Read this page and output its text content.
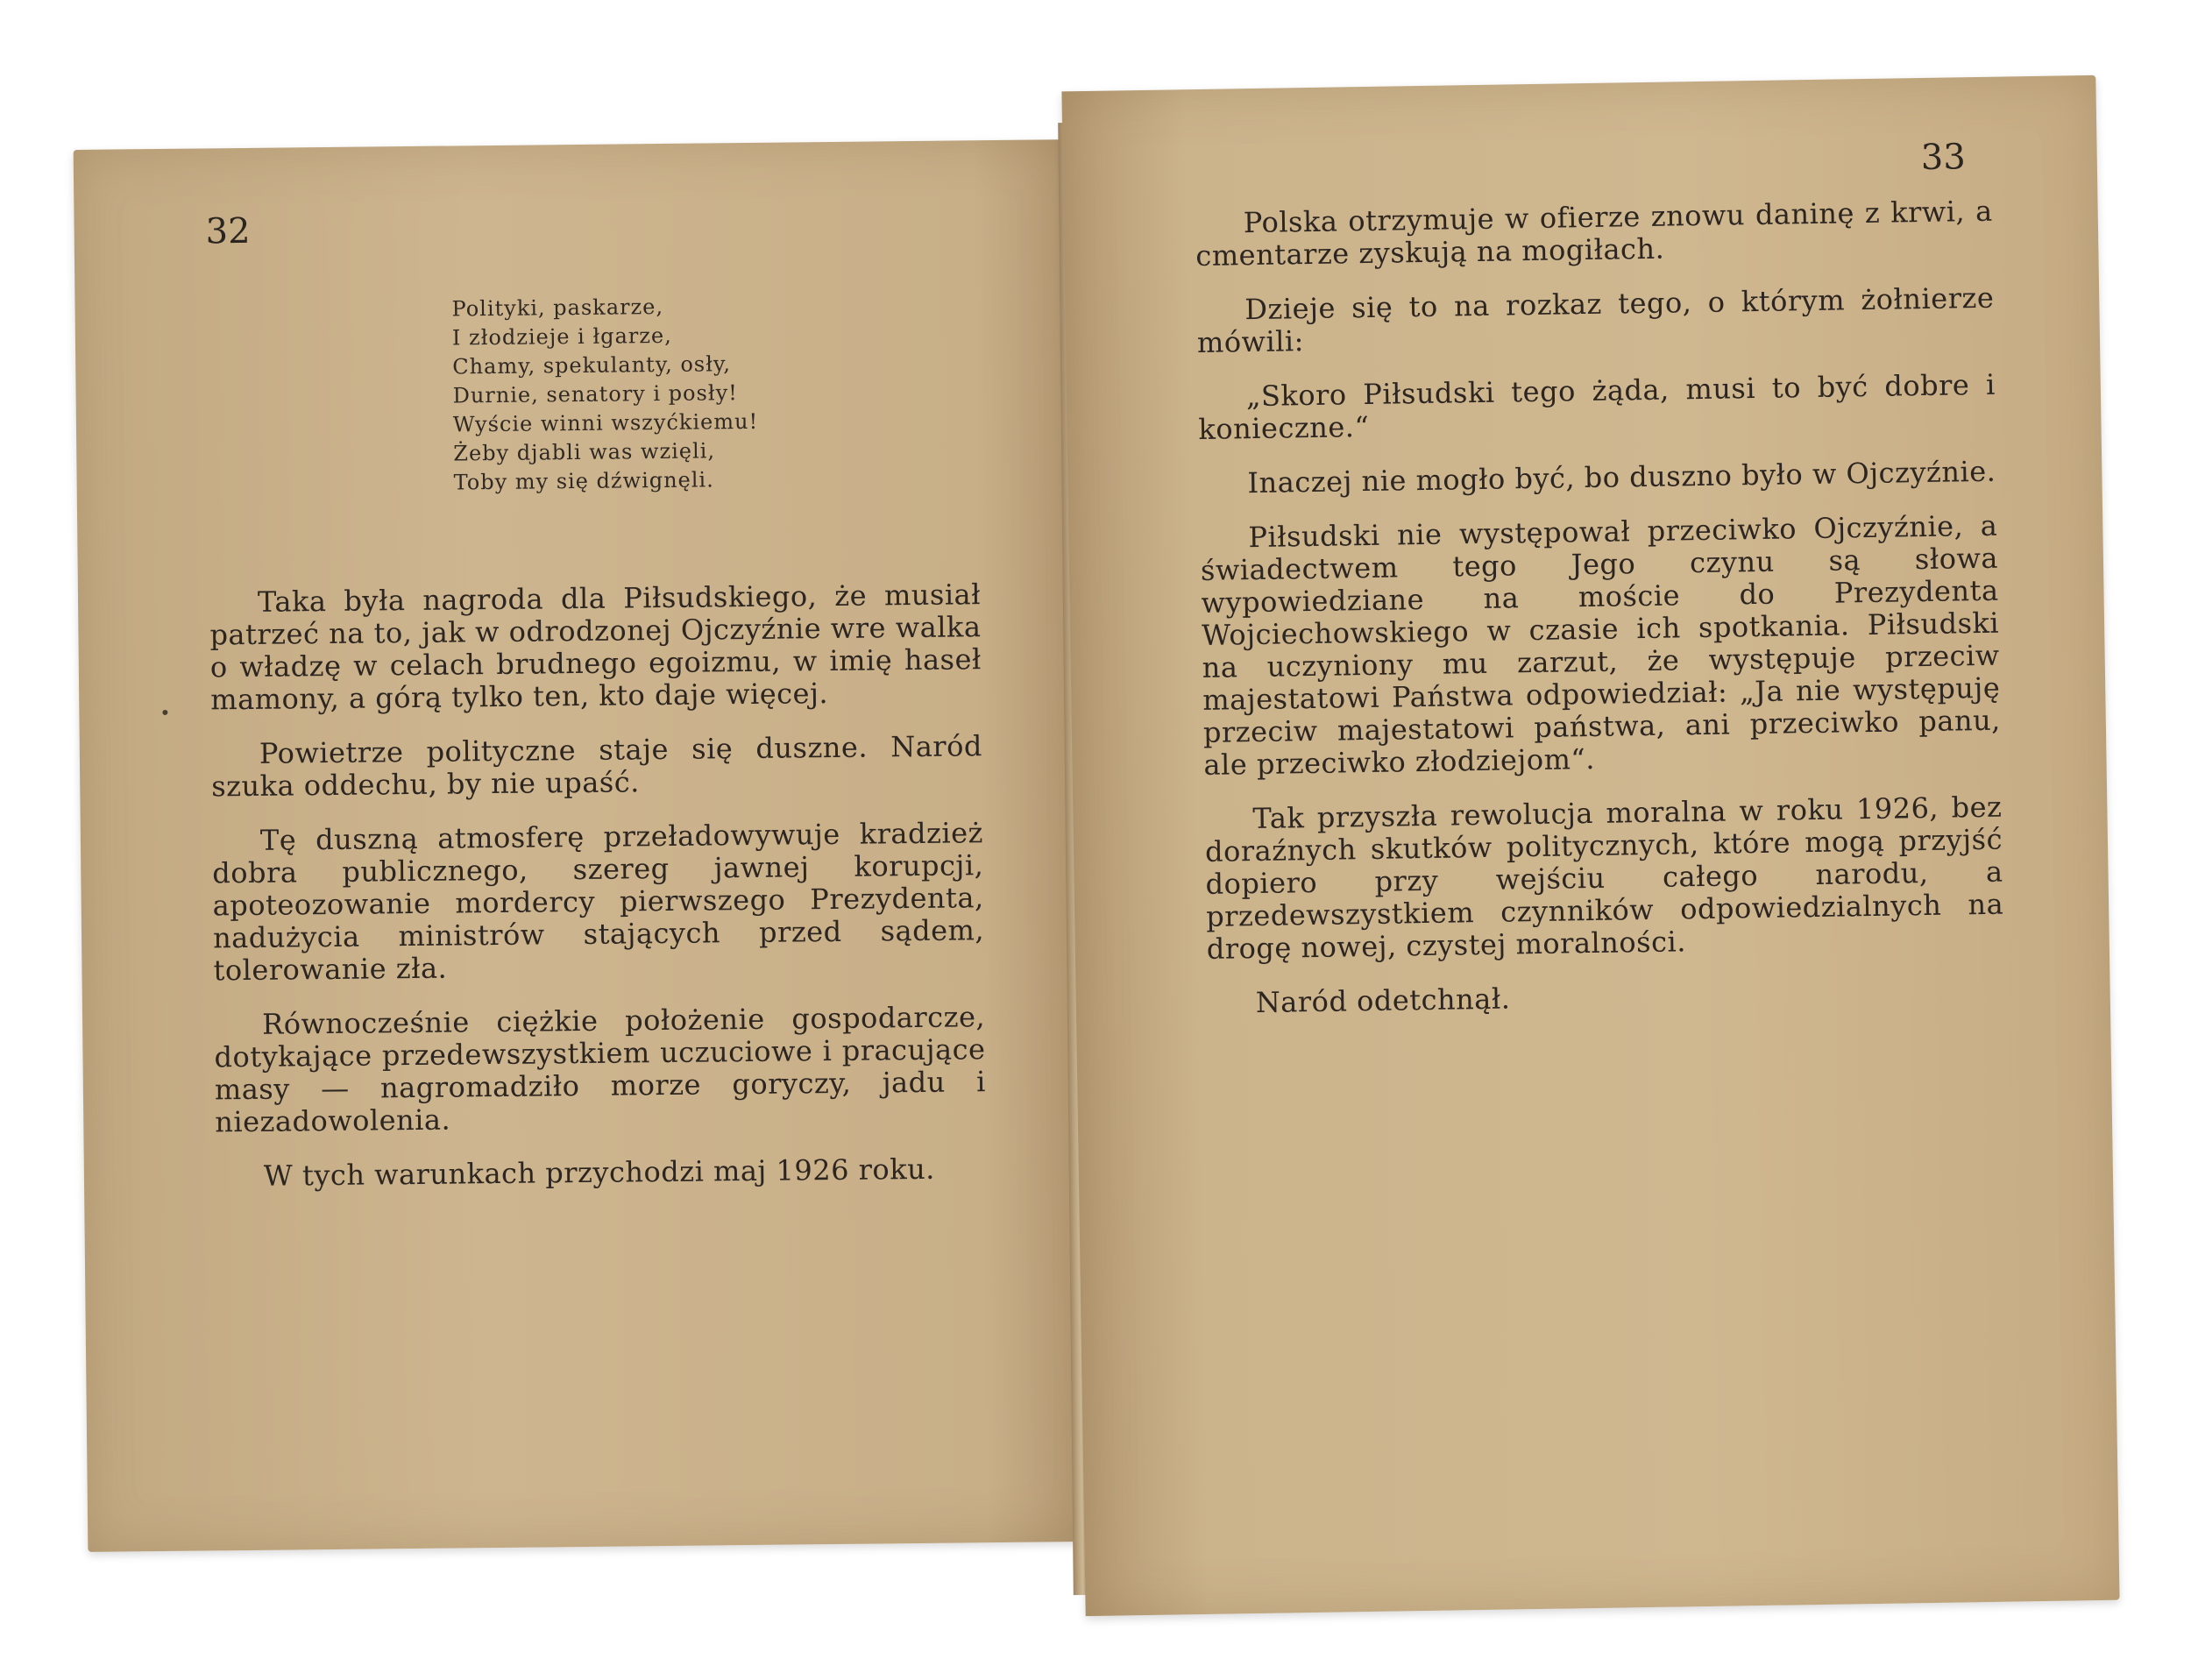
32
Polityki, paskarze,
I złodzieje i łgarze,
Chamy, spekulanty, osły,
Durnie, senatory i posły!
Wyście winni wszyćkiemu!
Żeby djabli was wzięli,
Toby my się dźwignęli.

Taka była nagroda dla Piłsudskiego, że musiał patrzeć na to, jak w odrodzonej Ojczyźnie wre walka o władzę w celach brudnego egoizmu, w imię haseł mamony, a górą tylko ten, kto daje więcej.

Powietrze polityczne staje się duszne. Naród szuka oddechu, by nie upaść.

Tę duszną atmosferę przeładowywuje kradzież dobra publicznego, szereg jawnej korupcji, apoteozowanie mordercy pierwszego Prezydenta, nadużycia ministrów stających przed sądem, tolerowanie zła.

Równocześnie ciężkie położenie gospodarcze, dotykające przedewszystkiem uczuciowe i pracujące masy — nagromadziło morze goryczy, jadu i niezadowolenia.

W tych warunkach przychodzi maj 1926 roku.

33

Polska otrzymuje w ofierze znowu daninę z krwi, a cmentarze zyskują na mogiłach.

Dzieje się to na rozkaz tego, o którym żołnierze mówili:

„Skoro Piłsudski tego żąda, musi to być dobre i konieczne.“

Inaczej nie mogło być, bo duszno było w Ojczyźnie.

Piłsudski nie występował przeciwko Ojczyźnie, a świadectwem tego Jego czynu są słowa wypowiedziane na moście do Prezydenta Wojciechowskiego w czasie ich spotkania. Piłsudski na uczyniony mu zarzut, że występuje przeciw majestatowi Państwa odpowiedział: „Ja nie występuję przeciw majestatowi państwa, ani przeciwko panu, ale przeciwko złodziejom“.

Tak przyszła rewolucja moralna w roku 1926, bez doraźnych skutków politycznych, które mogą przyjść dopiero przy wejściu całego narodu, a przedewszystkiem czynników odpowiedzialnych na drogę nowej, czystej moralności.

Naród odetchnął.
